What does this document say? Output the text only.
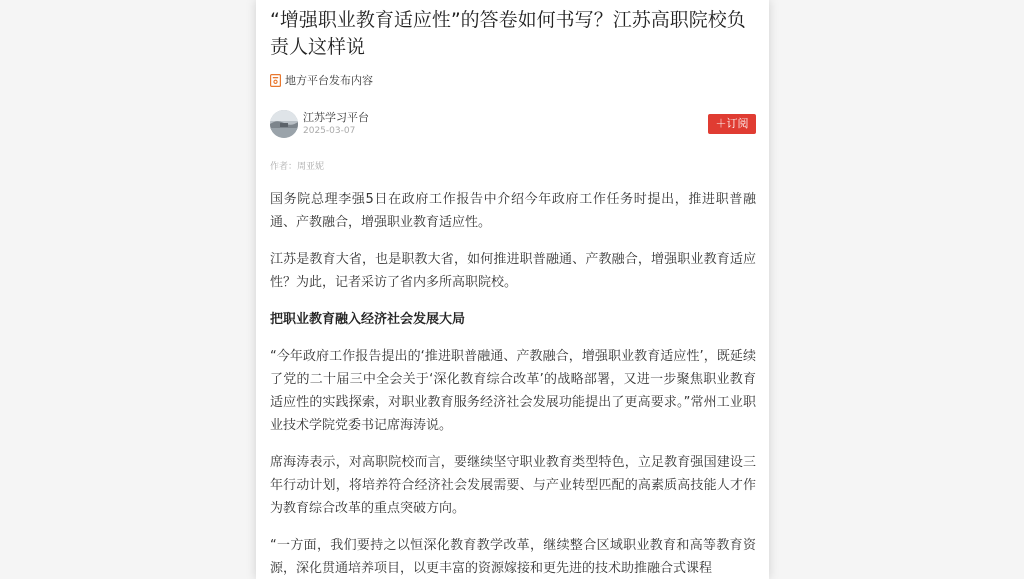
“增强职业教育适应性”的答卷如何书写？江苏高职院校负责人这样说
地方平台发布内容
江苏学习平台
2025-03-07
＋订阅
作者：周亚妮

国务院总理李强5日在政府工作报告中介绍今年政府工作任务时提出，推进职普融通、产教融合，增强职业教育适应性。

江苏是教育大省，也是职教大省，如何推进职普融通、产教融合，增强职业教育适应性？为此，记者采访了省内多所高职院校。

把职业教育融入经济社会发展大局

“今年政府工作报告提出的‘推进职普融通、产教融合，增强职业教育适应性’，既延续了党的二十届三中全会关于‘深化教育综合改革’的战略部署，又进一步聚焦职业教育适应性的实践探索，对职业教育服务经济社会发展功能提出了更高要求。”常州工业职业技术学院党委书记席海涛说。

席海涛表示，对高职院校而言，要继续坚守职业教育类型特色，立足教育强国建设三年行动计划，将培养符合经济社会发展需要、与产业转型匹配的高素质高技能人才作为教育综合改革的重点突破方向。

“一方面，我们要持之以恒深化教育教学改革，继续整合区域职业教育和高等教育资源，深化贯通培养项目，以更丰富的资源嫁接和更先进的技术助推融合式课程
